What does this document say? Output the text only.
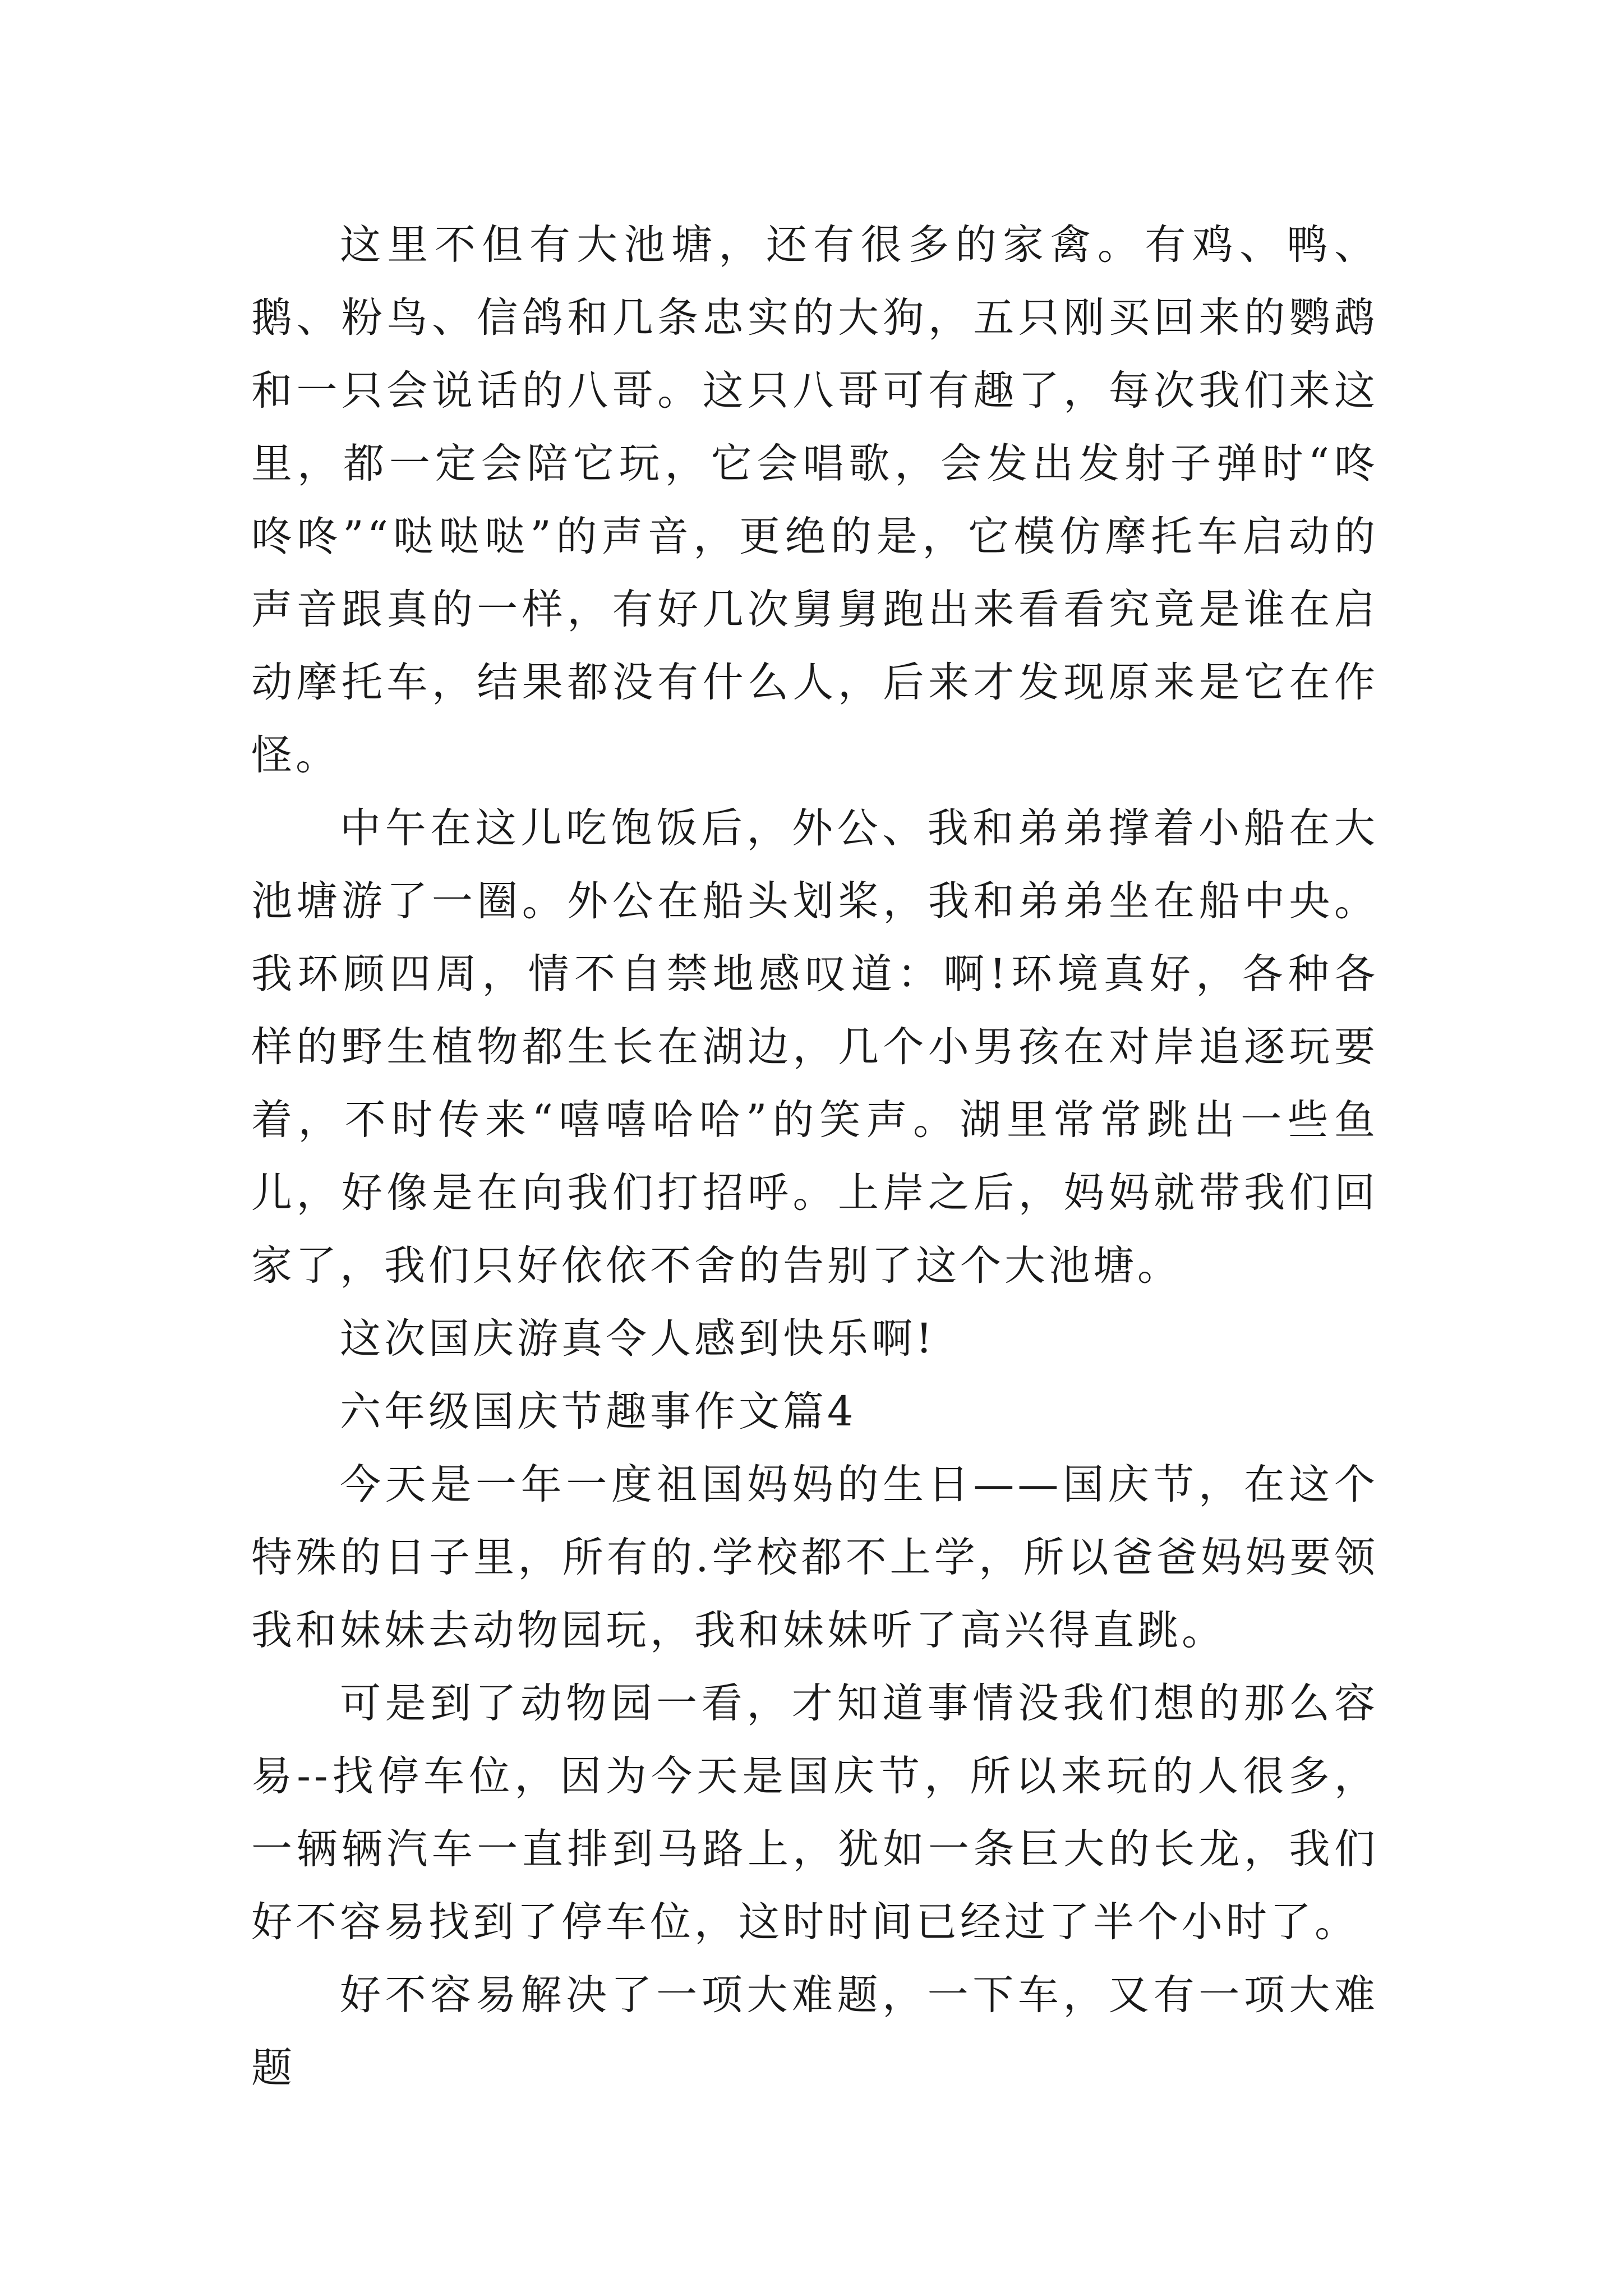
这里不但有大池塘，还有很多的家禽。有鸡、鸭、鹅、粉鸟、信鸽和几条忠实的大狗，五只刚买回来的鹦鹉和一只会说话的八哥。这只八哥可有趣了，每次我们来这里，都一定会陪它玩，它会唱歌，会发出发射子弹时“咚咚咚”“哒哒哒”的声音，更绝的是，它模仿摩托车启动的声音跟真的一样，有好几次舅舅跑出来看看究竟是谁在启动摩托车，结果都没有什么人，后来才发现原来是它在作怪。

中午在这儿吃饱饭后，外公、我和弟弟撑着小船在大池塘游了一圈。外公在船头划桨，我和弟弟坐在船中央。我环顾四周，情不自禁地感叹道：啊!环境真好，各种各样的野生植物都生长在湖边，几个小男孩在对岸追逐玩要着，不时传来“嘻嘻哈哈”的笑声。湖里常常跳出一些鱼儿，好像是在向我们打招呼。上岸之后，妈妈就带我们回家了，我们只好依依不舍的告别了这个大池塘。

这次国庆游真令人感到快乐啊!

六年级国庆节趣事作文篇4

今天是一年一度祖国妈妈的生日——国庆节，在这个特殊的日子里，所有的.学校都不上学，所以爸爸妈妈要领我和妹妹去动物园玩，我和妹妹听了高兴得直跳。

可是到了动物园一看，才知道事情没我们想的那么容易--找停车位，因为今天是国庆节，所以来玩的人很多，一辆辆汽车一直排到马路上，犹如一条巨大的长龙，我们好不容易找到了停车位，这时时间已经过了半个小时了。

好不容易解决了一项大难题，一下车，又有一项大难题
